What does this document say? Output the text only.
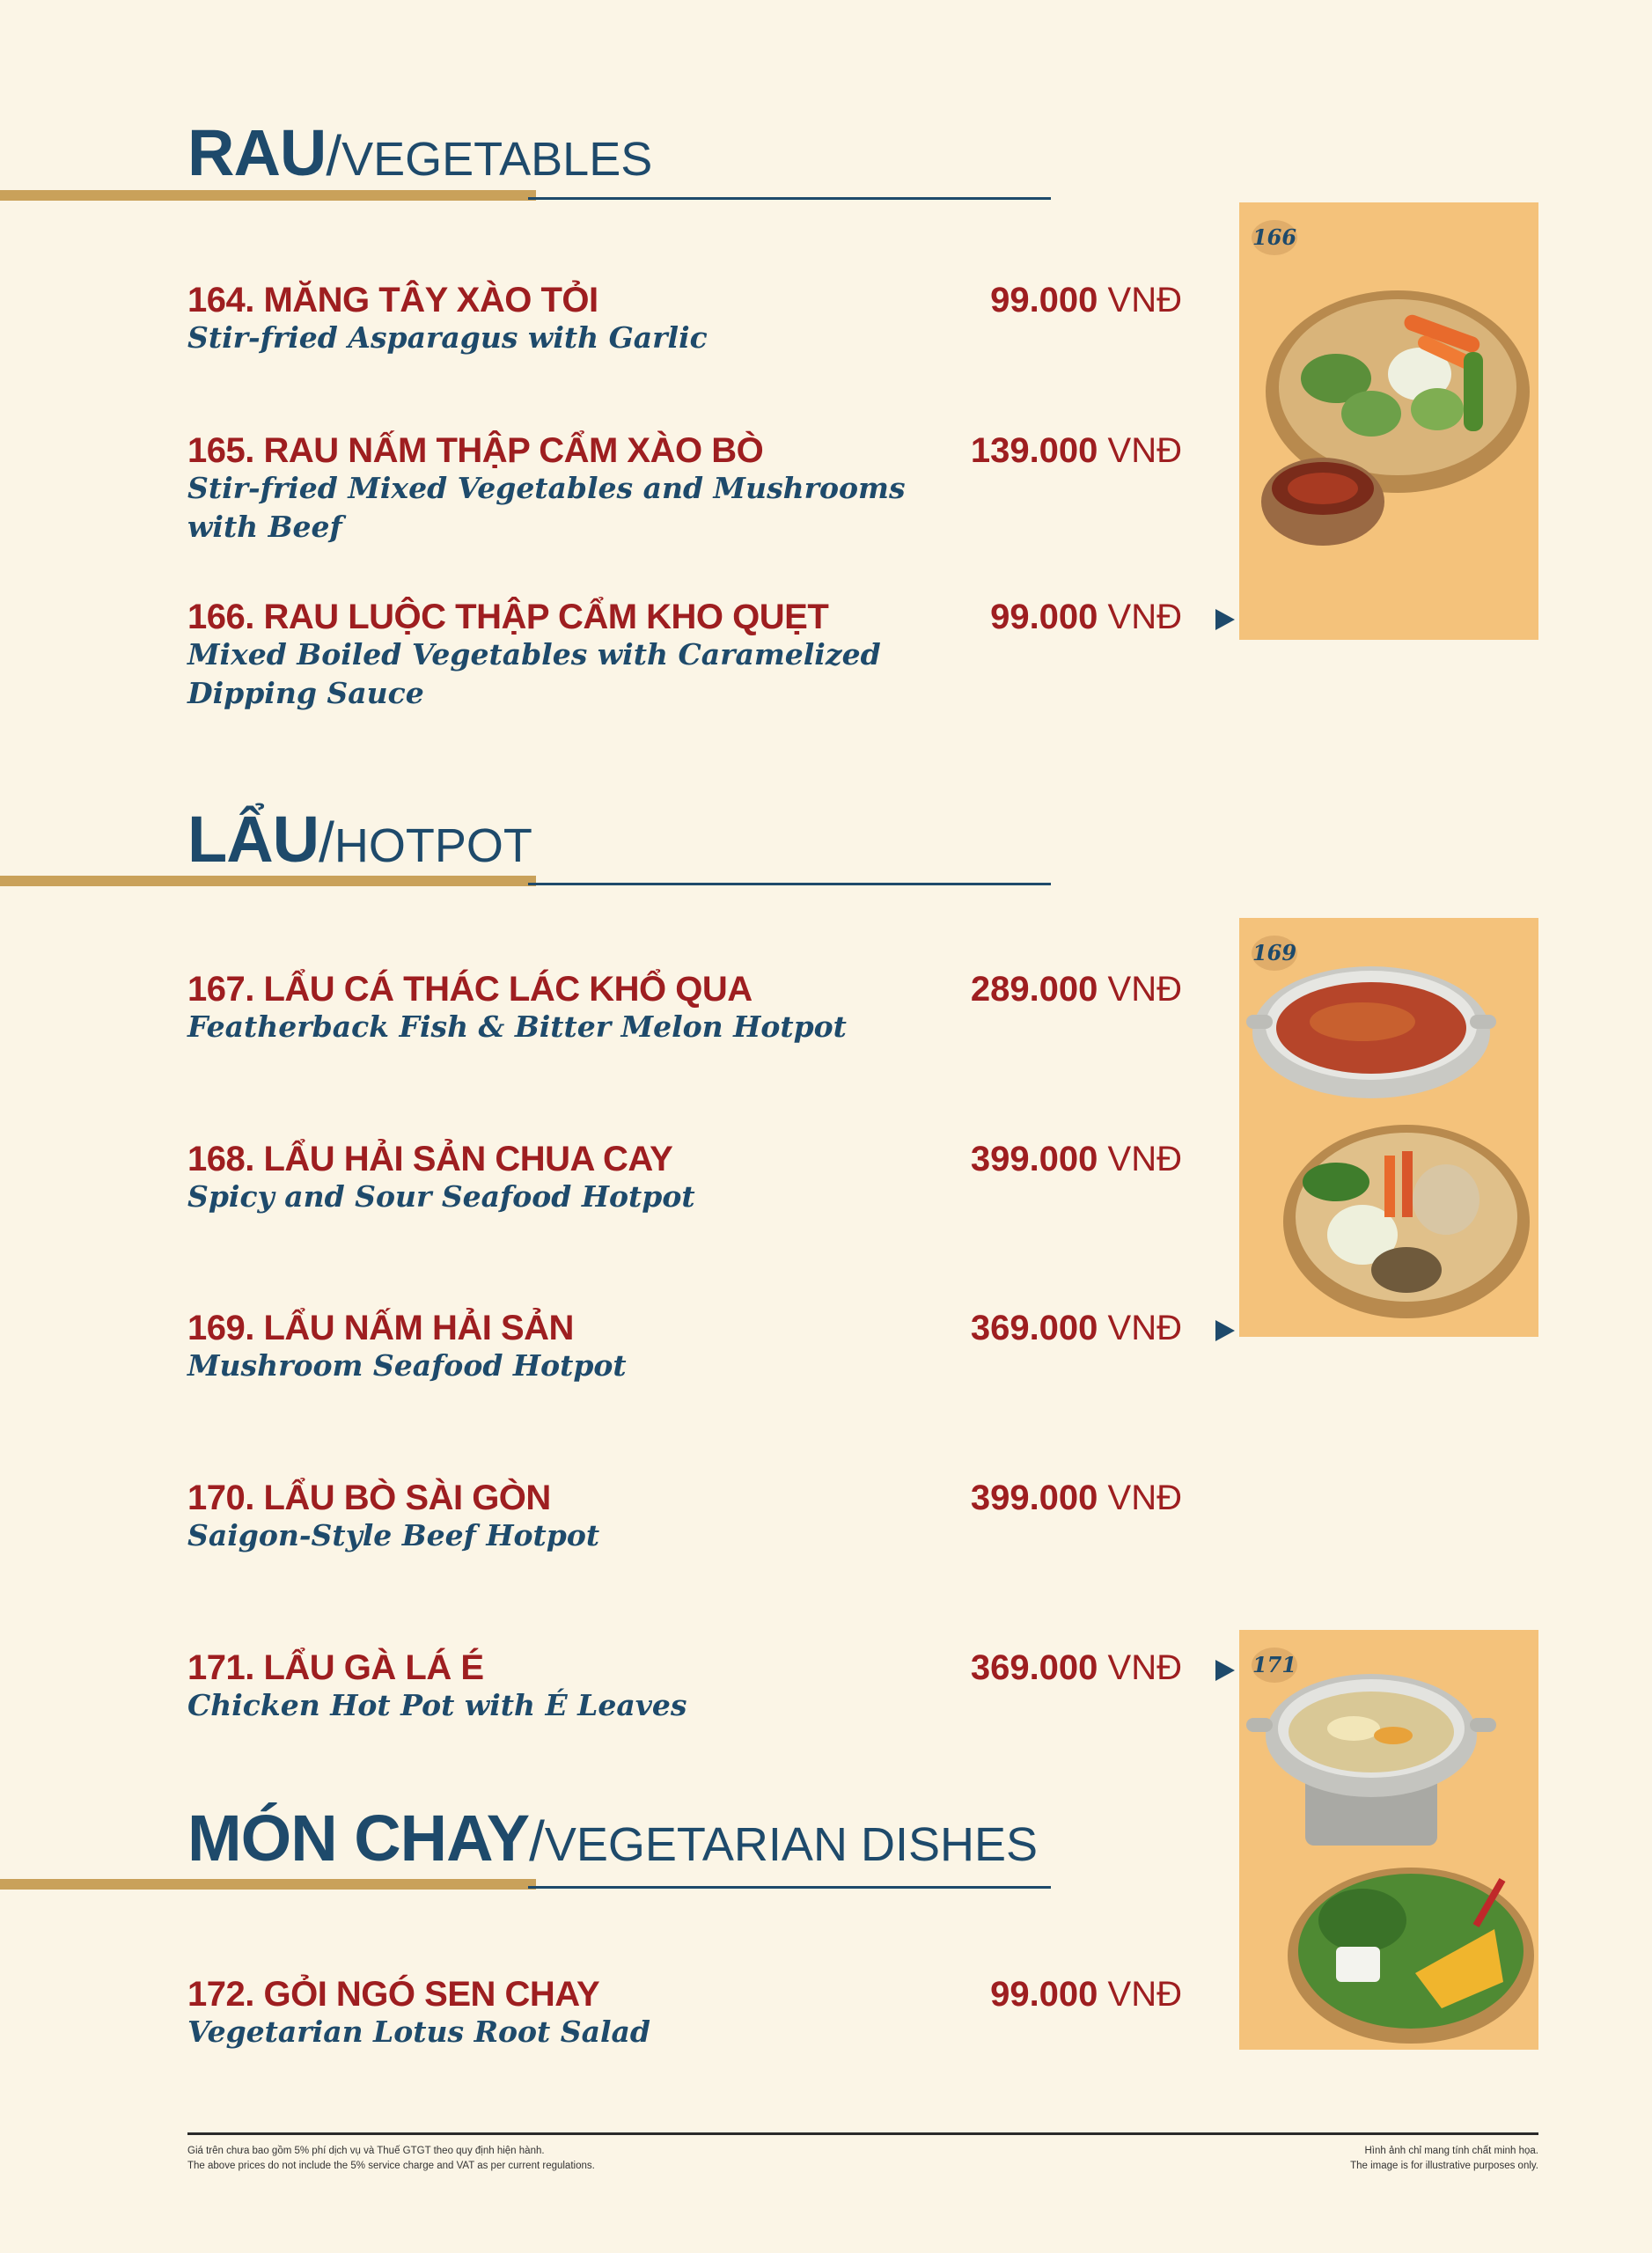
RAU/VEGETABLES
164. MĂNG TÂY XÀO TỎI
Stir-fried Asparagus with Garlic
99.000 VNĐ
165. RAU NẤM THẬP CẨM XÀO BÒ
Stir-fried Mixed Vegetables and Mushrooms with Beef
139.000 VNĐ
166. RAU LUỘC THẬP CẨM KHO QUẸT
Mixed Boiled Vegetables with Caramelized Dipping Sauce
99.000 VNĐ
166
LẨU/HOTPOT
167. LẨU CÁ THÁC LÁC KHỔ QUA
Featherback Fish & Bitter Melon Hotpot
289.000 VNĐ
168. LẨU HẢI SẢN CHUA CAY
Spicy and Sour Seafood Hotpot
399.000 VNĐ
169. LẨU NẤM HẢI SẢN
Mushroom Seafood Hotpot
369.000 VNĐ
170. LẨU BÒ SÀI GÒN
Saigon-Style Beef Hotpot
399.000 VNĐ
171. LẨU GÀ LÁ É
Chicken Hot Pot with É Leaves
369.000 VNĐ
169
171
MÓN CHAY/VEGETARIAN DISHES
172. GỎI NGÓ SEN CHAY
Vegetarian Lotus Root Salad
99.000 VNĐ
Giá trên chưa bao gồm 5% phí dịch vụ và Thuế GTGT theo quy định hiện hành.
The above prices do not include the 5% service charge and VAT as per current regulations.
Hình ảnh chỉ mang tính chất minh họa.
The image is for illustrative purposes only.
